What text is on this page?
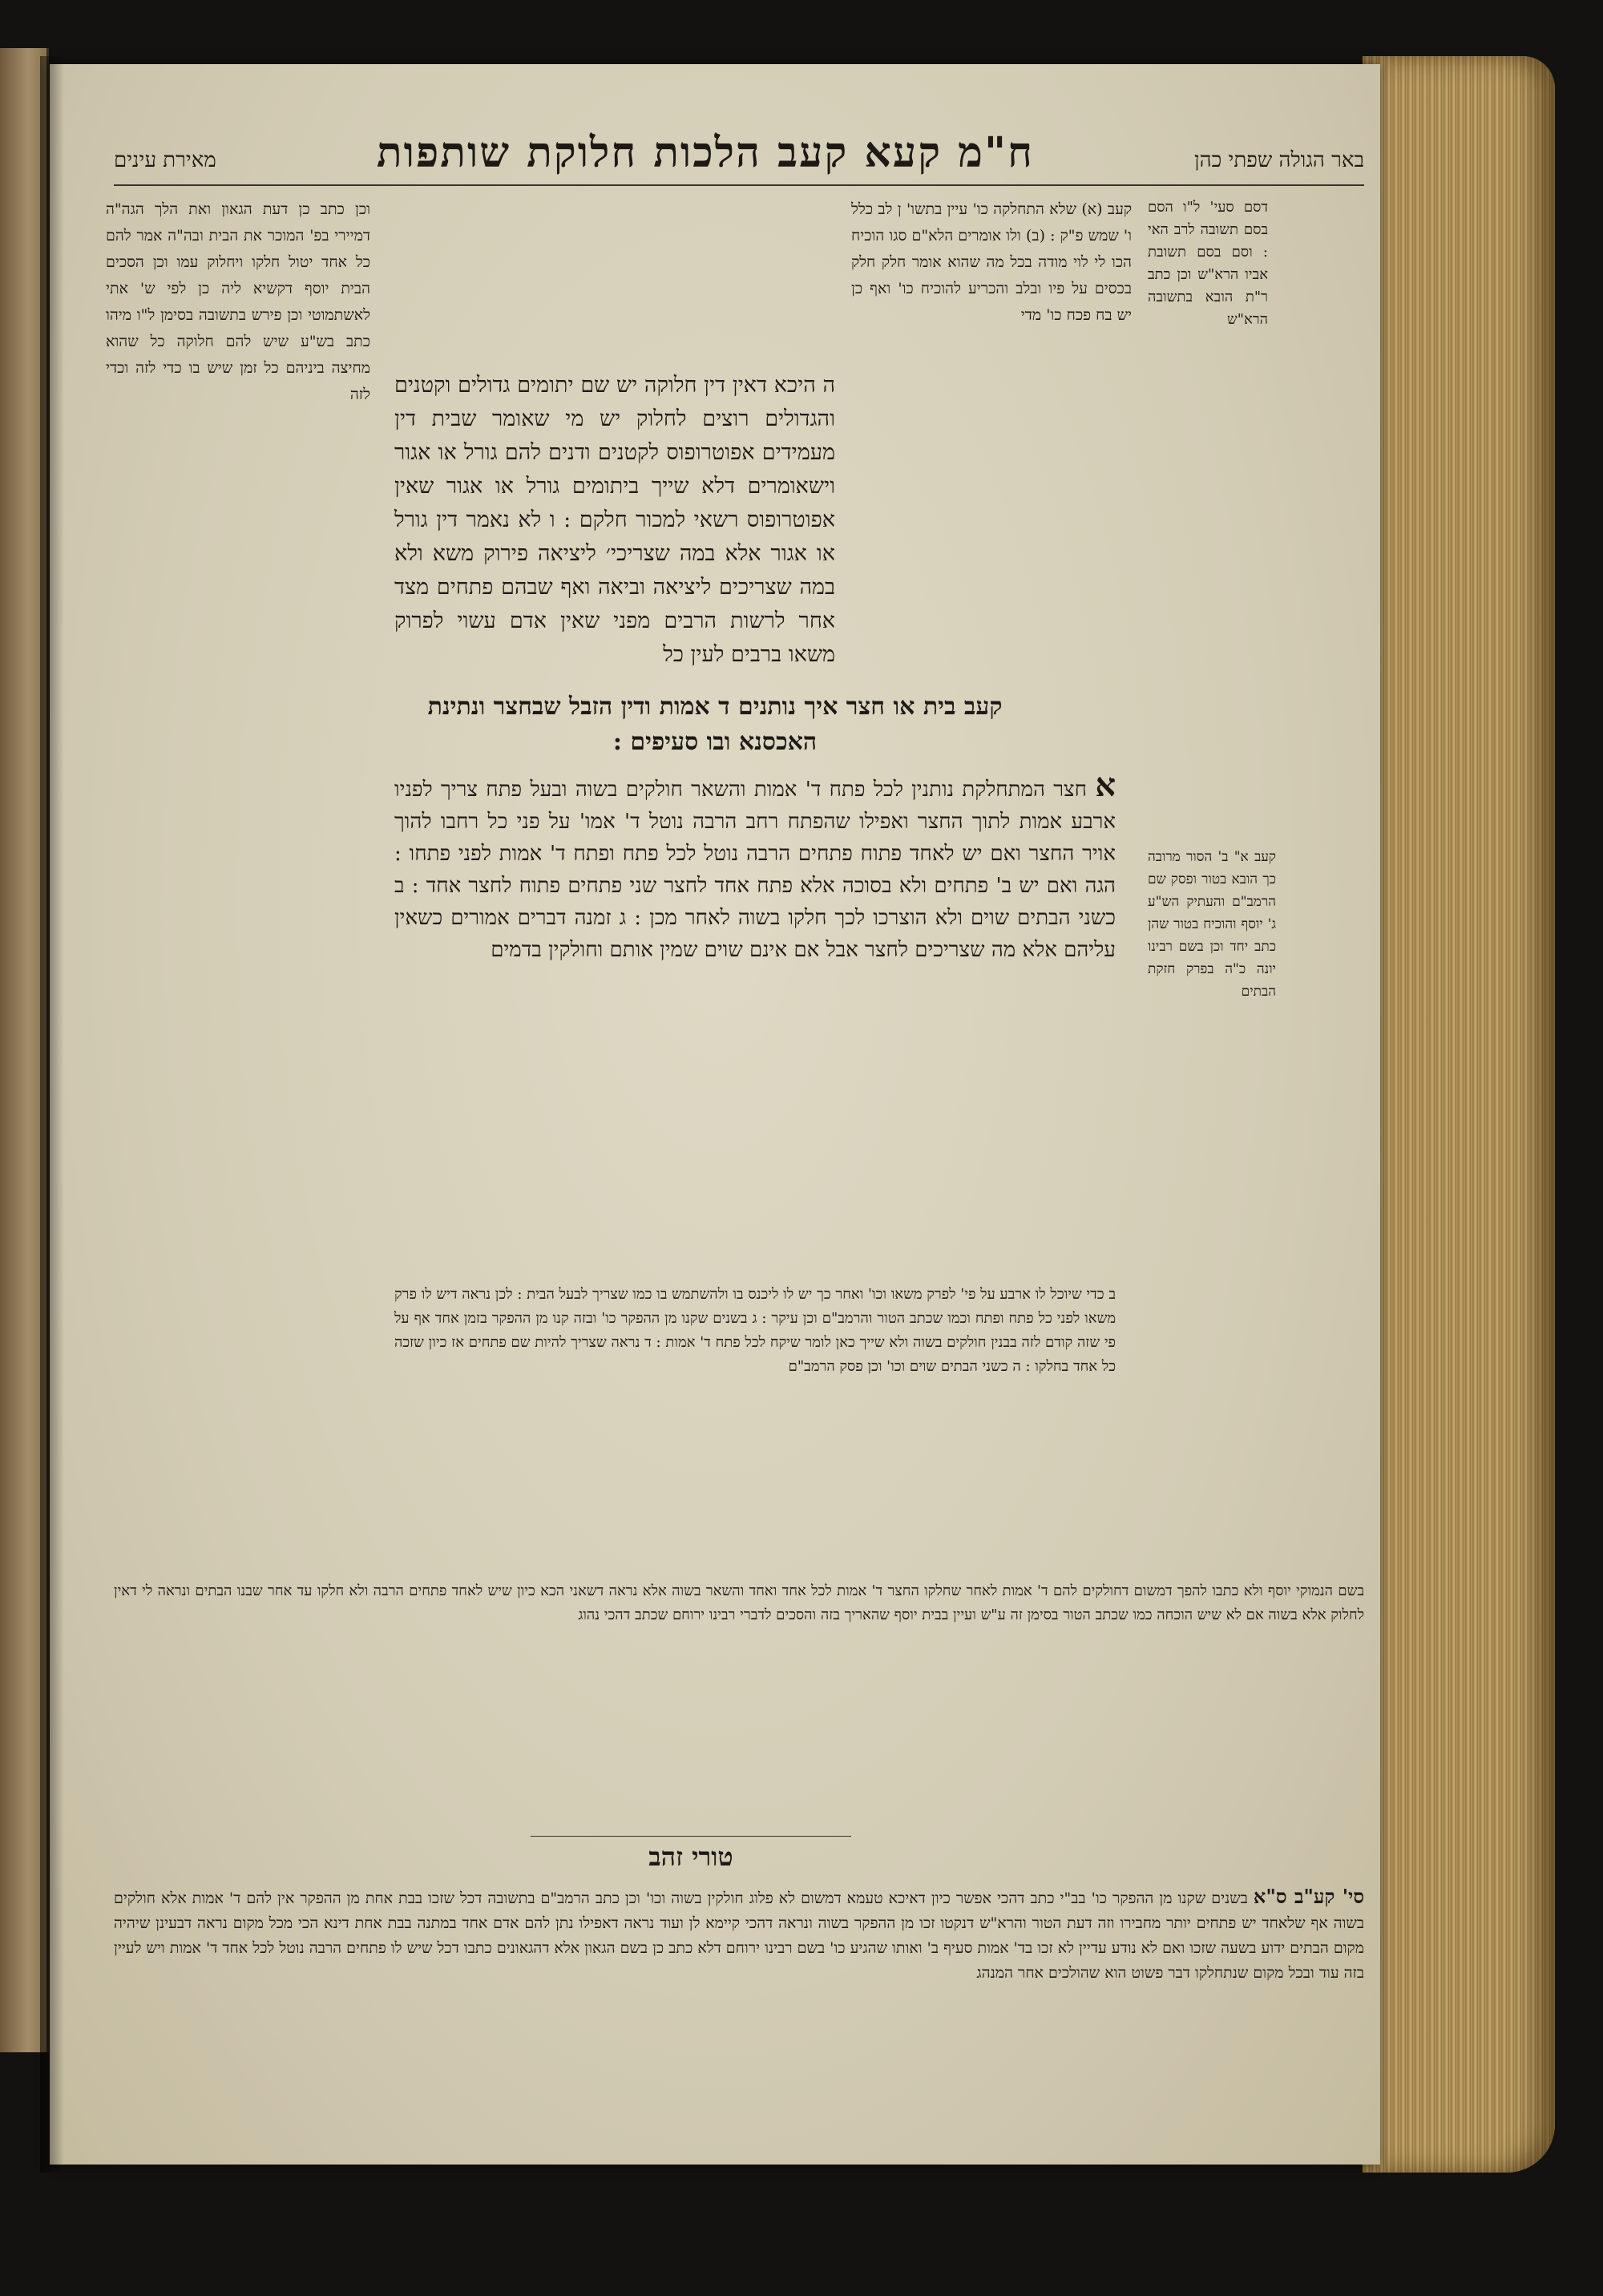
באר הגולה שפתי כהן
ח"מ קעא קעב הלכות חלוקת שותפות
מאירת עינים
דסם סעי' ל"ו הסם בסם תשובה לרב האי : וסם בסם תשובת אביו הרא"ש וכן כתב ר"ת הובא בתשובה הרא"ש
קעב (א) שלא התחלקה כו' עיין בתשו' ן לב כלל ו' שמש פ"ק : (ב) ולו אומרים הלא"ם סגו הוכיח הכו לי לוי מודה בכל מה שהוא אומר חלק חלק בכסים על פיו ובלב והכריע להוכיח כו' ואף כן יש בח פכח כו' מדי
ה היכא דאין דין חלוקה יש שם יתומים גדולים וקטנים והגדולים רוצים לחלוק יש מי שאומר שבית דין מעמידים אפוטרופוס לקטנים ודנים להם גורל או אגור וישאומרים דלא שייך ביתומים גורל או אגור שאין אפוטרופוס רשאי למכור חלקם : ו לא נאמר דין גורל או אגור אלא במה שצריכי׳ ליציאה פירוק משא ולא במה שצריכים ליציאה וביאה ואף שבהם פתחים מצד אחר לרשות הרבים מפני שאין אדם עשוי לפרוק משאו ברבים לעין כל
וכן כתב כן דעת הגאון ואת הלך הגה"ה דמיירי בפ' המוכר את הבית ובה"ה אמר להם כל אחד יטול חלקו ויחלוק עמו וכן הסכים הבית יוסף דקשיא ליה כן לפי ש' אתי לאשתמוטי וכן פירש בתשובה בסימן ל"ו מיהו כתב בש"ע שיש להם חלוקה כל שהוא מחיצה ביניהם כל זמן שיש בו כדי לזה וכדי לזה
קעב בית או חצר איך נותנים ד אמות ודין הזבל שבחצר ונתינת האכסנא ובו סעיפים :
א חצר המתחלקת נותנין לכל פתח ד' אמות והשאר חולקים בשוה ובעל פתח צריך לפניו ארבע אמות לתוך החצר ואפילו שהפתח רחב הרבה נוטל ד' אמו' על פני כל רחבו להוך אויר החצר ואם יש לאחד פתוח פתחים הרבה נוטל לכל פתח ופתח ד' אמות לפני פתחו : הגה ואם יש ב' פתחים ולא בסוכה אלא פתח אחד לחצר שני פתחים פתוח לחצר אחד : ב כשני הבתים שוים ולא הוצרכו לכך חלקו בשוה לאחר מכן : ג זמנה דברים אמורים כשאין עליהם אלא מה שצריכים לחצר אבל אם אינם שוים שמין אותם וחולקין בדמים
קעב א" ב' הסור מרובה כך הובא בטור ופסק שם הרמב"ם והעתיק הש"ע ג' יוסף והוכיח בטור שהן כתב יחד וכן בשם רבינו יונה כ"ה בפרק חזקת הבתים
ב כדי שיוכל לו ארבע על פי' לפרק משאו וכו' ואחר כך יש לו ליכנס בו ולהשתמש בו כמו שצריך לבעל הבית : לכן נראה דיש לו פרק משאו לפני כל פתח ופתח וכמו שכתב הטור והרמב"ם וכן עיקר : ג בשנים שקנו מן ההפקר כו' ובזה קנו מן ההפקר בזמן אחד אף על פי שזה קודם לזה בבנין חולקים בשוה ולא שייך כאן לומר שיקח לכל פתח ד' אמות : ד נראה שצריך להיות שם פתחים אז כיון שזכה כל אחד בחלקו : ה כשני הבתים שוים וכו' וכן פסק הרמב"ם
בשם הנמוקי יוסף ולא כתבו להפך דמשום דחולקים להם ד' אמות לאחר שחלקו החצר ד' אמות לכל אחד ואחד והשאר בשוה אלא נראה דשאני הכא כיון שיש לאחד פתחים הרבה ולא חלקו עד אחר שבנו הבתים ונראה לי דאין לחלוק אלא בשוה אם לא שיש הוכחה כמו שכתב הטור בסימן זה ע"ש ועיין בבית יוסף שהאריך בזה והסכים לדברי רבינו ירוחם שכתב דהכי נהוג
טורי זהב
סי' קע"ב ס"א בשנים שקנו מן ההפקר כו' בב"י כתב דהכי אפשר כיון דאיכא טעמא דמשום לא פלוג חולקין בשוה וכו' וכן כתב הרמב"ם בתשובה דכל שזכו בבת אחת מן ההפקר אין להם ד' אמות אלא חולקים בשוה אף שלאחד יש פתחים יותר מחבירו וזה דעת הטור והרא"ש דנקטו זכו מן ההפקר בשוה ונראה דהכי קיימא לן ועוד נראה דאפילו נתן להם אדם אחד במתנה בבת אחת דינא הכי מכל מקום נראה דבעינן שיהיה מקום הבתים ידוע בשעה שזכו ואם לא נודע עדיין לא זכו בד' אמות סעיף ב' ואותו שהגיע כו' בשם רבינו ירוחם דלא כתב כן בשם הגאון אלא דהגאונים כתבו דכל שיש לו פתחים הרבה נוטל לכל אחד ד' אמות ויש לעיין בזה עוד ובכל מקום שנתחלקו דבר פשוט הוא שהולכים אחר המנהג
